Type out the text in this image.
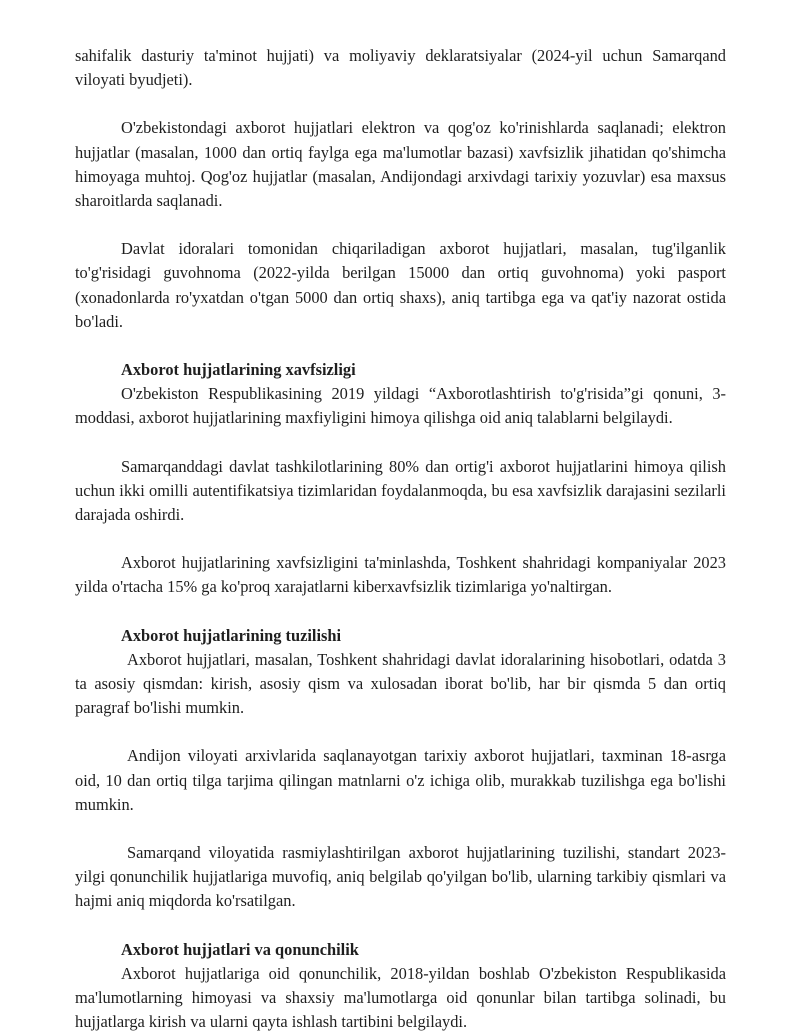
sahifalik dasturiy ta'minot hujjati) va moliyaviy deklaratsiyalar (2024-yil uchun Samarqand viloyati byudjeti).

O'zbekistondagi axborot hujjatlari elektron va qog'oz ko'rinishlarda saqlanadi; elektron hujjatlar (masalan, 1000 dan ortiq faylga ega ma'lumotlar bazasi) xavfsizlik jihatidan qo'shimcha himoyaga muhtoj. Qog'oz hujjatlar (masalan, Andijondagi arxivdagi tarixiy yozuvlar) esa maxsus sharoitlarda saqlanadi.

Davlat idoralari tomonidan chiqariladigan axborot hujjatlari, masalan, tug'ilganlik to'g'risidagi guvohnoma (2022-yilda berilgan 15000 dan ortiq guvohnoma) yoki pasport (xonadonlarda ro'yxatdan o'tgan 5000 dan ortiq shaxs), aniq tartibga ega va qat'iy nazorat ostida bo'ladi.

Axborot hujjatlarining xavfsizligi

O'zbekiston Respublikasining 2019 yildagi “Axborotlashtirish to'g'risida”gi qonuni, 3-moddasi, axborot hujjatlarining maxfiyligini himoya qilishga oid aniq talablarni belgilaydi.

Samarqanddagi davlat tashkilotlarining 80% dan ortig'i axborot hujjatlarini himoya qilish uchun ikki omilli autentifikatsiya tizimlaridan foydalanmoqda, bu esa xavfsizlik darajasini sezilarli darajada oshirdi.

Axborot hujjatlarining xavfsizligini ta'minlashda, Toshkent shahridagi kompaniyalar 2023 yilda o'rtacha 15% ga ko'proq xarajatlarni kiberxavfsizlik tizimlariga yo'naltirgan.

Axborot hujjatlarining tuzilishi

Axborot hujjatlari, masalan, Toshkent shahridagi davlat idoralarining hisobotlari, odatda 3 ta asosiy qismdan: kirish, asosiy qism va xulosadan iborat bo'lib, har bir qismda 5 dan ortiq paragraf bo'lishi mumkin.

Andijon viloyati arxivlarida saqlanayotgan tarixiy axborot hujjatlari, taxminan 18-asrga oid, 10 dan ortiq tilga tarjima qilingan matnlarni o'z ichiga olib, murakkab tuzilishga ega bo'lishi mumkin.

Samarqand viloyatida rasmiylashtirilgan axborot hujjatlarining tuzilishi, standart 2023-yilgi qonunchilik hujjatlariga muvofiq, aniq belgilab qo'yilgan bo'lib, ularning tarkibiy qismlari va hajmi aniq miqdorda ko'rsatilgan.

Axborot hujjatlari va qonunchilik

Axborot hujjatlariga oid qonunchilik, 2018-yildan boshlab O'zbekiston Respublikasida ma'lumotlarning himoyasi va shaxsiy ma'lumotlarga oid qonunlar bilan tartibga solinadi, bu hujjatlarga kirish va ularni qayta ishlash tartibini belgilaydi.
